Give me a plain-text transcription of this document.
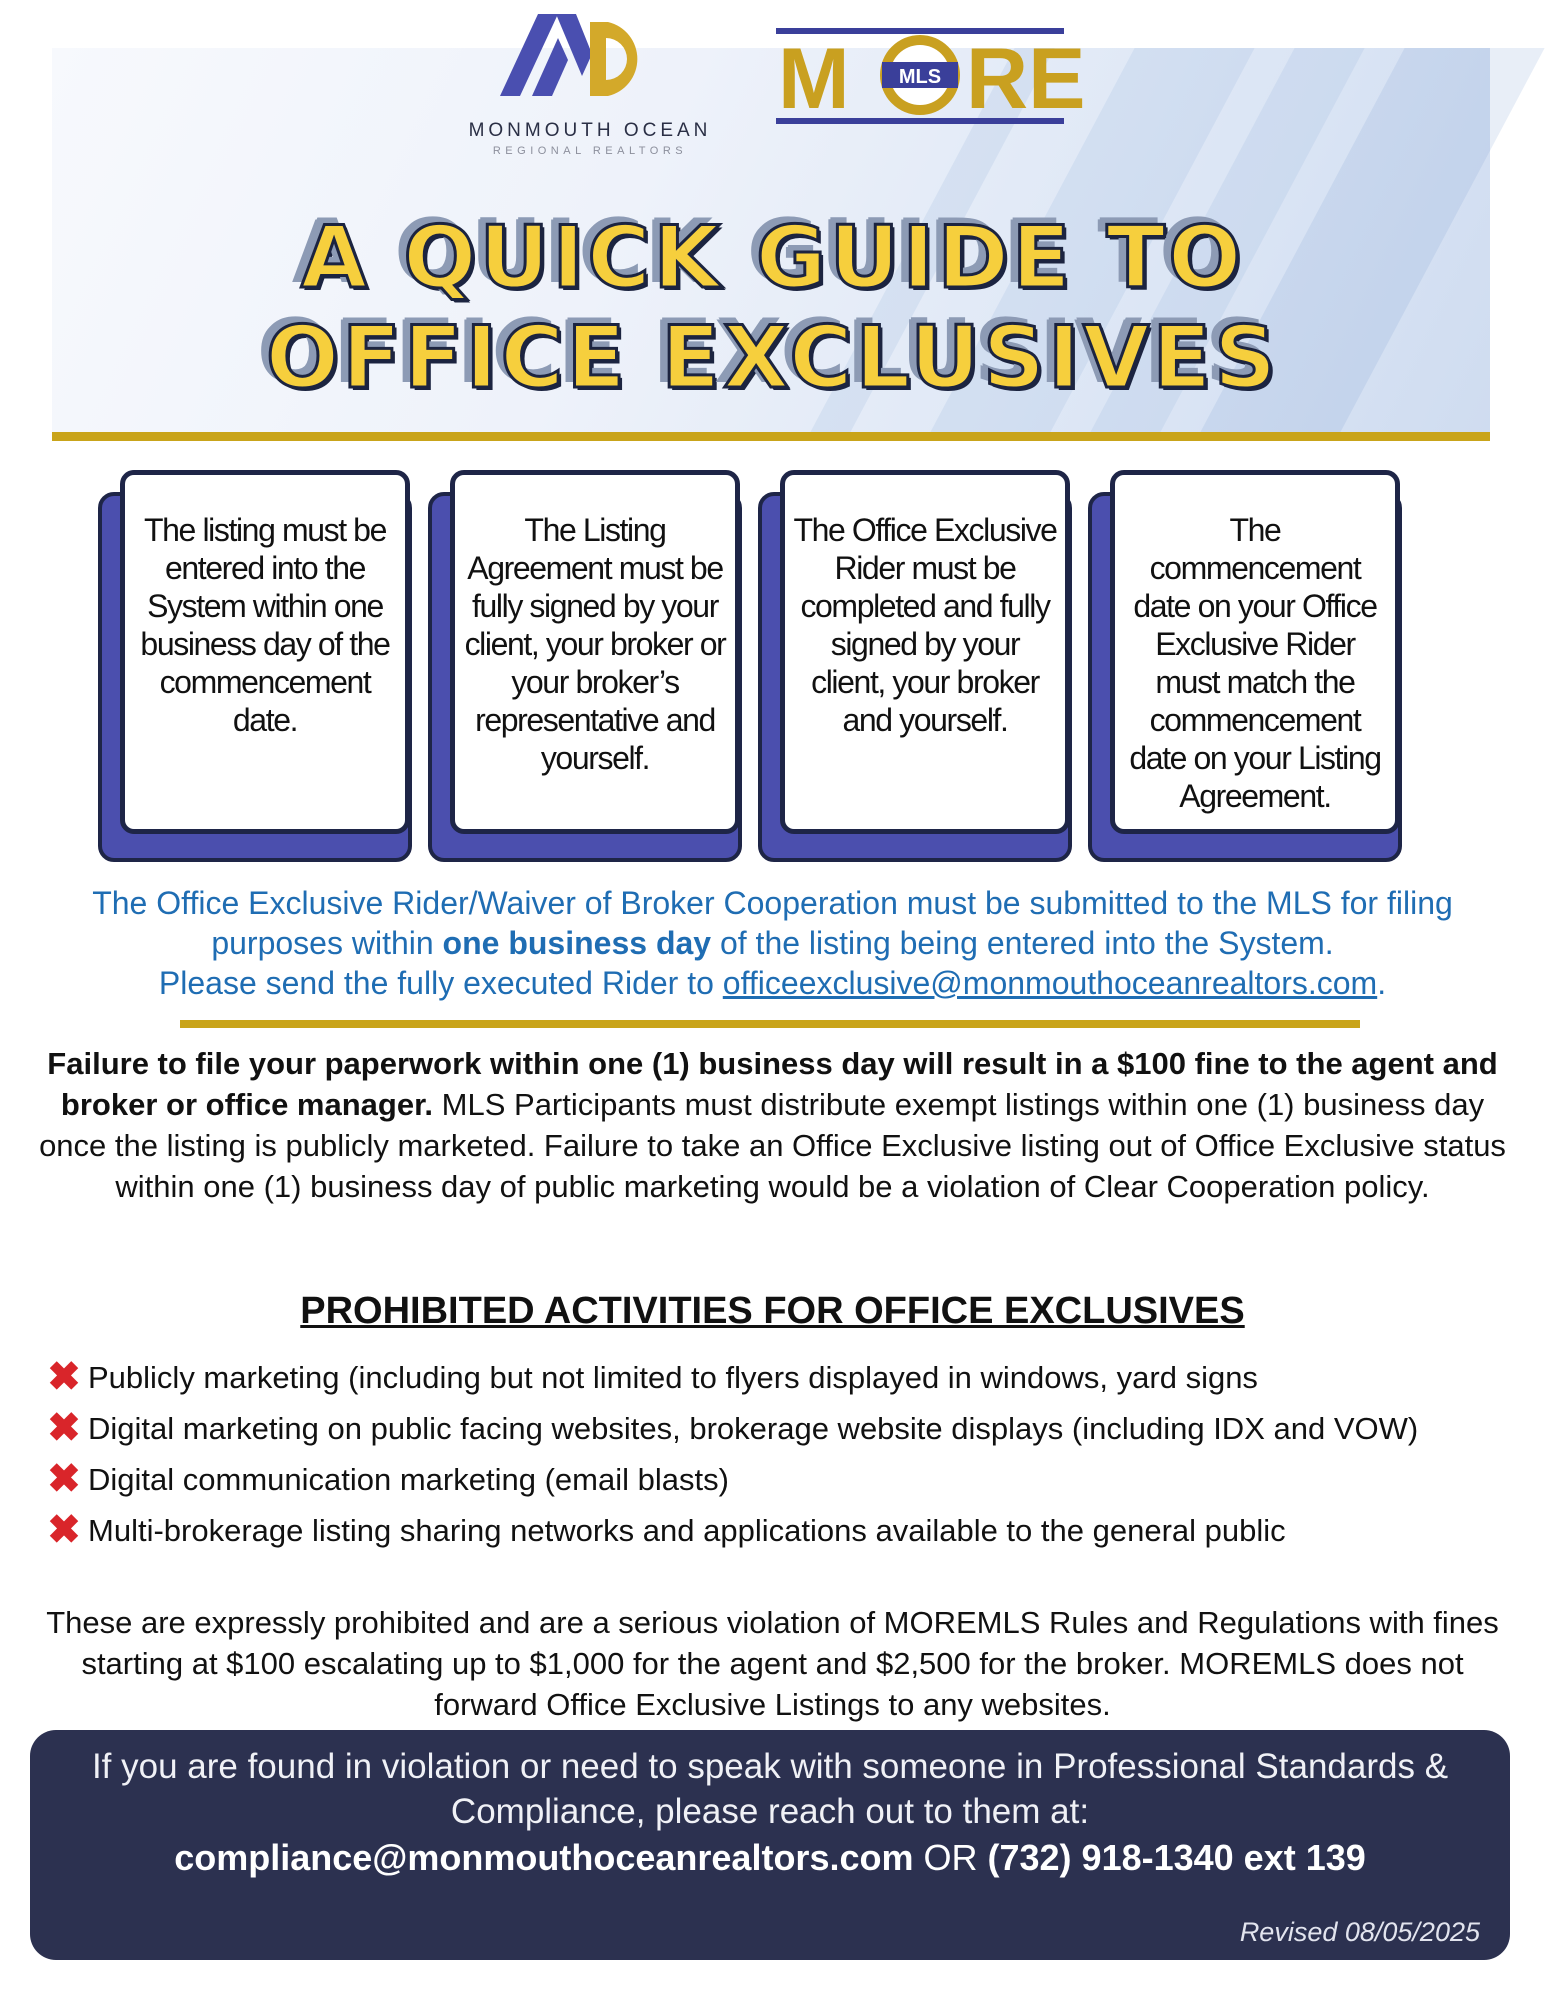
MONMOUTH OCEAN
REGIONAL REALTORS
M MLS RE
A QUICK GUIDE TO
OFFICE EXCLUSIVES
The listing must be entered into the System within one business day of the commencement date.
The Listing Agreement must be fully signed by your client, your broker or your broker’s representative and yourself.
The Office Exclusive Rider must be completed and fully signed by your client, your broker and yourself.
The commencement date on your Office Exclusive Rider must match the commencement date on your Listing Agreement.
The Office Exclusive Rider/Waiver of Broker Cooperation must be submitted to the MLS for filing purposes within one business day of the listing being entered into the System.
Please send the fully executed Rider to officeexclusive@monmouthoceanrealtors.com.
Failure to file your paperwork within one (1) business day will result in a $100 fine to the agent and broker or office manager. MLS Participants must distribute exempt listings within one (1) business day once the listing is publicly marketed. Failure to take an Office Exclusive listing out of Office Exclusive status within one (1) business day of public marketing would be a violation of Clear Cooperation policy.
PROHIBITED ACTIVITIES FOR OFFICE EXCLUSIVES
✖ Publicly marketing (including but not limited to flyers displayed in windows, yard signs
✖ Digital marketing on public facing websites, brokerage website displays (including IDX and VOW)
✖ Digital communication marketing (email blasts)
✖ Multi-brokerage listing sharing networks and applications available to the general public
These are expressly prohibited and are a serious violation of MOREMLS Rules and Regulations with fines starting at $100 escalating up to $1,000 for the agent and $2,500 for the broker. MOREMLS does not forward Office Exclusive Listings to any websites.
If you are found in violation or need to speak with someone in Professional Standards & Compliance, please reach out to them at:
compliance@monmouthoceanrealtors.com OR (732) 918-1340 ext 139
Revised 08/05/2025
